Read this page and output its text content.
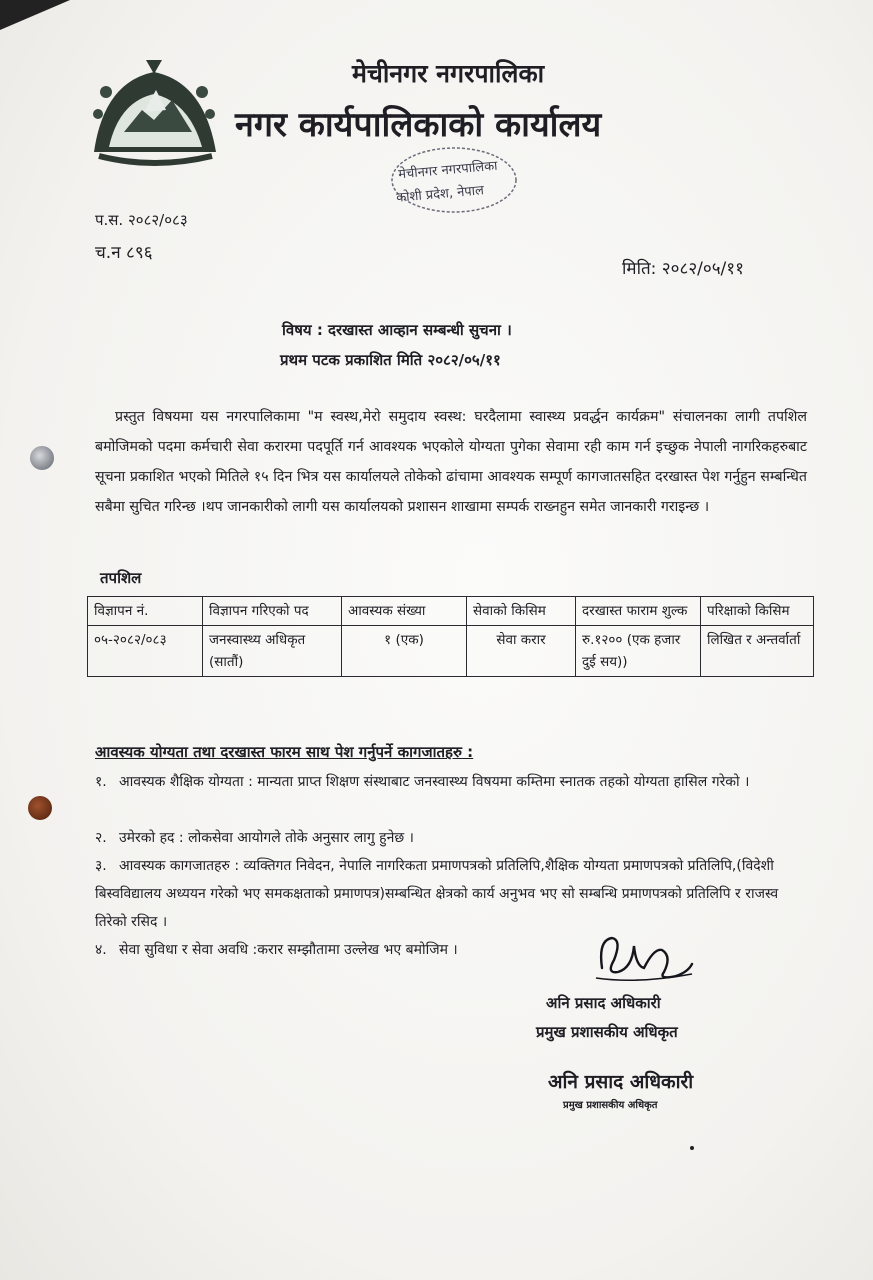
मेचीनगर नगरपालिका
नगर कार्यपालिकाको कार्यालय
मेचीनगर नगरपालिका
कोशी प्रदेश, नेपाल
प.स. २०८२/०८३
च.न ८९६
मिति: २०८२/०५/११
विषय : दरखास्त आव्हान सम्बन्धी सुचना ।
प्रथम पटक प्रकाशित मिति २०८२/०५/११
प्रस्तुत विषयमा यस नगरपालिकामा "म स्वस्थ,मेरो समुदाय स्वस्थ: घरदैलामा स्वास्थ्य प्रवर्द्धन कार्यक्रम" संचालनका लागी तपशिल बमोजिमको पदमा कर्मचारी सेवा करारमा पदपूर्ति गर्न आवश्यक भएकोले योग्यता पुगेका सेवामा रही काम गर्न इच्छुक नेपाली नागरिकहरुबाट सूचना प्रकाशित भएको मितिले १५ दिन भित्र यस कार्यालयले तोकेको ढांचामा आवश्यक सम्पूर्ण कागजातसहित दरखास्त पेश गर्नुहुन सम्बन्धित सबैमा सुचित गरिन्छ ।थप जानकारीको लागी यस कार्यालयको प्रशासन शाखामा सम्पर्क राख्नहुन समेत जानकारी गराइन्छ ।
तपशिल
विज्ञापन नं.	विज्ञापन गरिएको पद	आवस्यक संख्या	सेवाको किसिम	दरखास्त फाराम शुल्क	परिक्षाको किसिम
०५-२०८२/०८३	जनस्वास्थ्य अधिकृत (सातौं)	१ (एक)	सेवा करार	रु.१२०० (एक हजार दुई सय))	लिखित र अन्तर्वार्ता
आवस्यक योग्यता तथा दरखास्त फारम साथ पेश गर्नुपर्ने कागजातहरु :
१. आवस्यक शैक्षिक योग्यता : मान्यता प्राप्त शिक्षण संस्थाबाट जनस्वास्थ्य विषयमा कम्तिमा स्नातक तहको योग्यता हासिल गरेको ।
२. उमेरको हद : लोकसेवा आयोगले तोके अनुसार लागु हुनेछ ।
३. आवस्यक कागजातहरु : व्यक्तिगत निवेदन, नेपालि नागरिकता प्रमाणपत्रको प्रतिलिपि,शैक्षिक योग्यता प्रमाणपत्रको प्रतिलिपि,(विदेशी बिस्वविद्यालय अध्ययन गरेको भए समकक्षताको प्रमाणपत्र)सम्बन्धित क्षेत्रको कार्य अनुभव भए सो सम्बन्धि प्रमाणपत्रको प्रतिलिपि र राजस्व तिरेको रसिद ।
४. सेवा सुविधा र सेवा अवधि :करार सम्झौतामा उल्लेख भए बमोजिम ।
अनि प्रसाद अधिकारी
प्रमुख प्रशासकीय अधिकृत
अनि प्रसाद अधिकारी
प्रमुख प्रशासकीय अधिकृत
